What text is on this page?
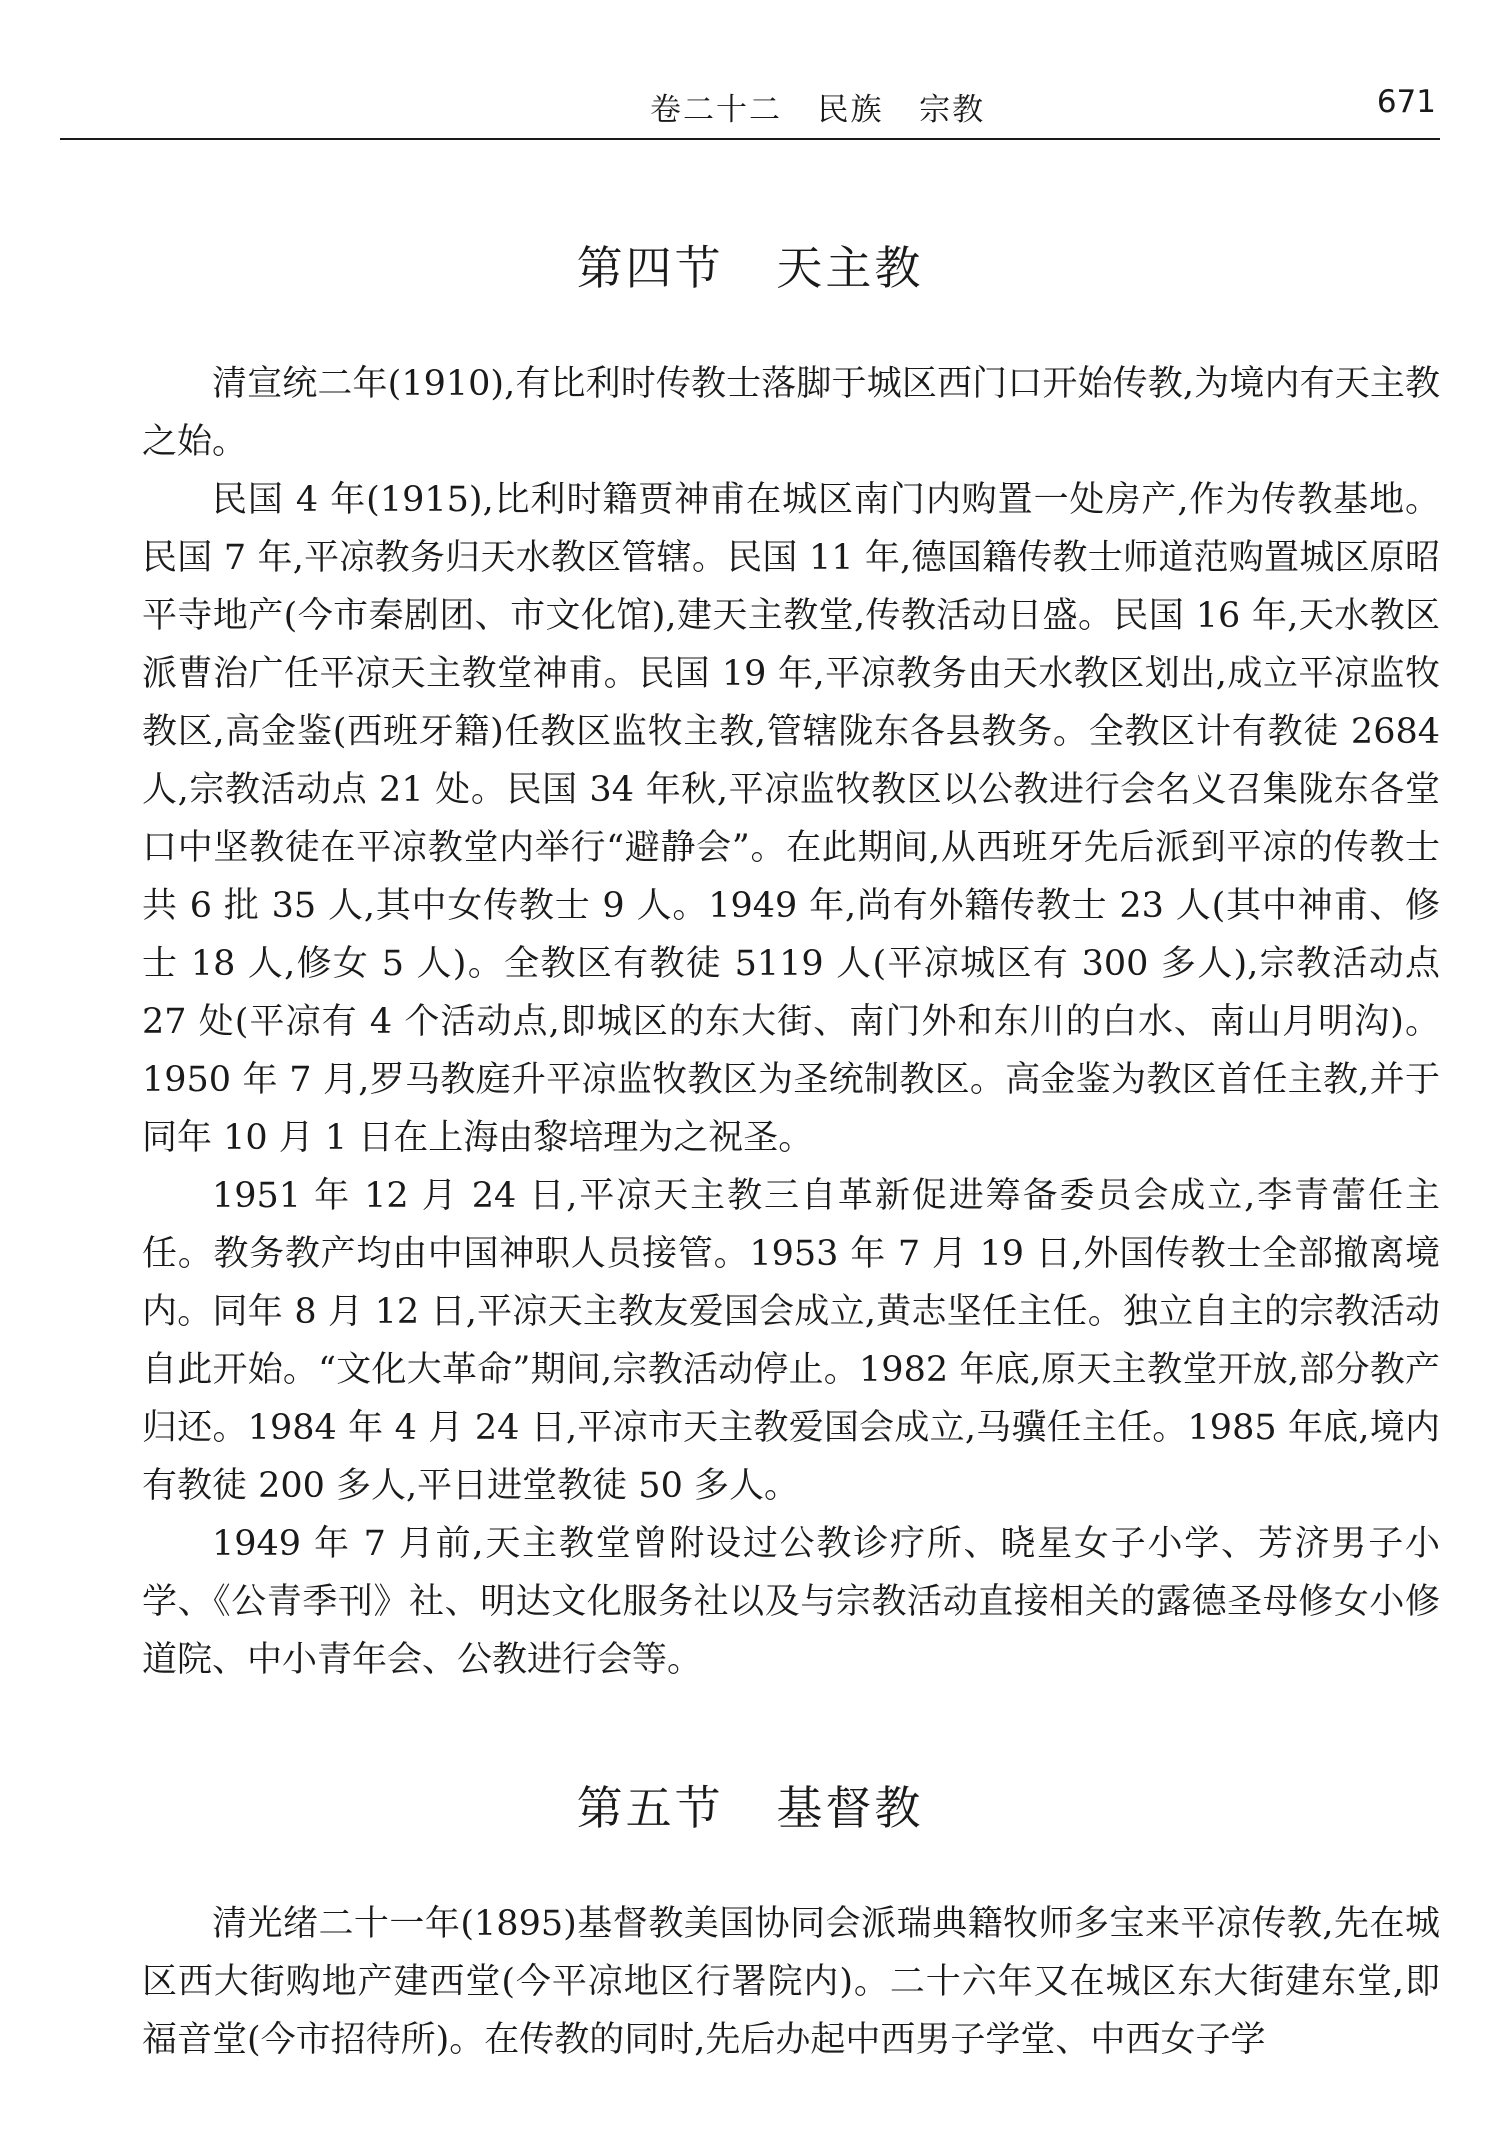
卷二十二   民族   宗教	671
第四节   天主教

清宣统二年(1910),有比利时传教士落脚于城区西门口开始传教,为境内有天主教之始。

民国 4 年(1915),比利时籍贾神甫在城区南门内购置一处房产,作为传教基地。民国 7 年,平凉教务归天水教区管辖。民国 11 年,德国籍传教士师道范购置城区原昭平寺地产(今市秦剧团、市文化馆),建天主教堂,传教活动日盛。民国 16 年,天水教区派曹治广任平凉天主教堂神甫。民国 19 年,平凉教务由天水教区划出,成立平凉监牧教区,高金鉴(西班牙籍)任教区监牧主教,管辖陇东各县教务。全教区计有教徒 2684 人,宗教活动点 21 处。民国 34 年秋,平凉监牧教区以公教进行会名义召集陇东各堂口中坚教徒在平凉教堂内举行“避静会”。在此期间,从西班牙先后派到平凉的传教士共 6 批 35 人,其中女传教士 9 人。1949 年,尚有外籍传教士 23 人(其中神甫、修士 18 人,修女 5 人)。全教区有教徒 5119 人(平凉城区有 300 多人),宗教活动点 27 处(平凉有 4 个活动点,即城区的东大街、南门外和东川的白水、南山月明沟)。1950 年 7 月,罗马教庭升平凉监牧教区为圣统制教区。高金鉴为教区首任主教,并于同年 10 月 1 日在上海由黎培理为之祝圣。

1951 年 12 月 24 日,平凉天主教三自革新促进筹备委员会成立,李青蕾任主任。教务教产均由中国神职人员接管。1953 年 7 月 19 日,外国传教士全部撤离境内。同年 8 月 12 日,平凉天主教友爱国会成立,黄志坚任主任。独立自主的宗教活动自此开始。“文化大革命”期间,宗教活动停止。1982 年底,原天主教堂开放,部分教产归还。1984 年 4 月 24 日,平凉市天主教爱国会成立,马骥任主任。1985 年底,境内有教徒 200 多人,平日进堂教徒 50 多人。

1949 年 7 月前,天主教堂曾附设过公教诊疗所、晓星女子小学、芳济男子小学、《公青季刊》社、明达文化服务社以及与宗教活动直接相关的露德圣母修女小修道院、中小青年会、公教进行会等。

第五节   基督教

清光绪二十一年(1895)基督教美国协同会派瑞典籍牧师多宝来平凉传教,先在城区西大街购地产建西堂(今平凉地区行署院内)。二十六年又在城区东大街建东堂,即福音堂(今市招待所)。在传教的同时,先后办起中西男子学堂、中西女子学
